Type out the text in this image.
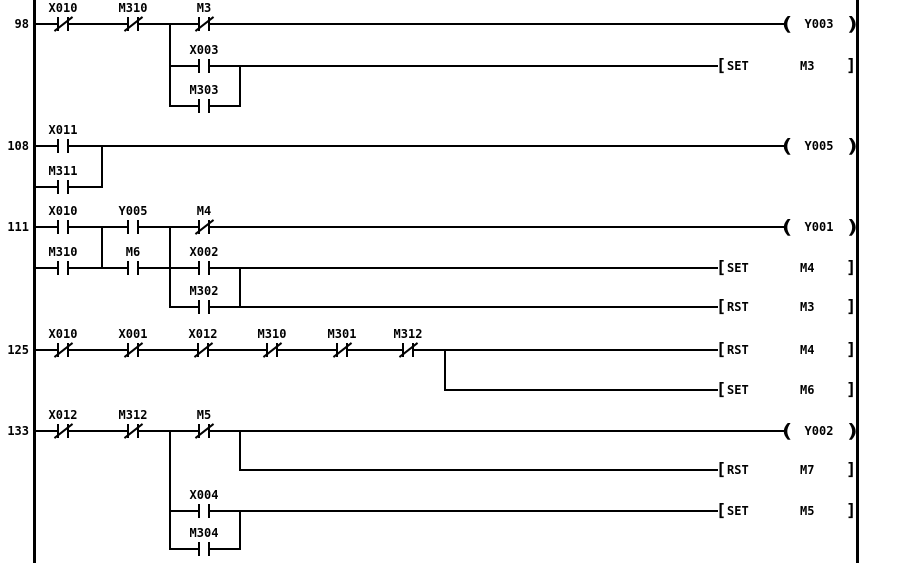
98
108
111
125
133
X010	M310	M3
X003
M303
X011
M311
X010	Y005	M4
M310	M6	X002
M302
X010	X001	X012	M310	M301	M312
X012	M312	M5
X004
M304
( Y003 )
( Y005 )
( Y001 )
( Y002 )
[ SET	M3 ]
[ SET	M4 ]
[ RST	M3 ]
[ RST	M4 ]
[ SET	M6 ]
[ RST	M7 ]
[ SET	M5 ]
